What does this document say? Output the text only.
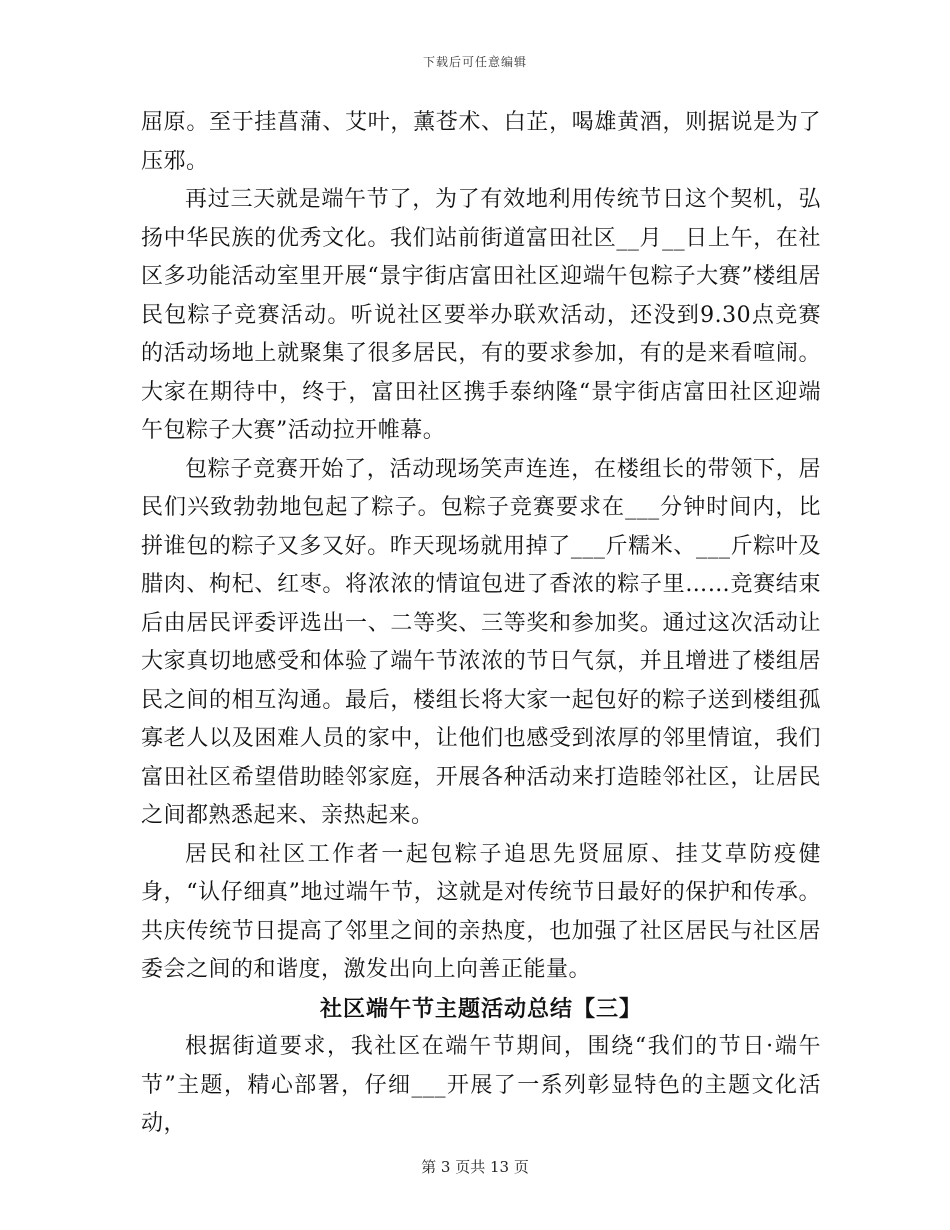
下载后可任意编辑

屈原。至于挂菖蒲、艾叶，薰苍术、白芷，喝雄黄酒，则据说是为了压邪。

再过三天就是端午节了，为了有效地利用传统节日这个契机，弘扬中华民族的优秀文化。我们站前街道富田社区__月__日上午，在社区多功能活动室里开展“景宇街店富田社区迎端午包粽子大赛”楼组居民包粽子竞赛活动。听说社区要举办联欢活动，还没到9.30点竞赛的活动场地上就聚集了很多居民，有的要求参加，有的是来看喧闹。大家在期待中，终于，富田社区携手泰纳隆“景宇街店富田社区迎端午包粽子大赛”活动拉开帷幕。

包粽子竞赛开始了，活动现场笑声连连，在楼组长的带领下，居民们兴致勃勃地包起了粽子。包粽子竞赛要求在___分钟时间内，比拼谁包的粽子又多又好。昨天现场就用掉了___斤糯米、___斤粽叶及腊肉、枸杞、红枣。将浓浓的情谊包进了香浓的粽子里……竞赛结束后由居民评委评选出一、二等奖、三等奖和参加奖。通过这次活动让大家真切地感受和体验了端午节浓浓的节日气氛，并且增进了楼组居民之间的相互沟通。最后，楼组长将大家一起包好的粽子送到楼组孤寡老人以及困难人员的家中，让他们也感受到浓厚的邻里情谊，我们富田社区希望借助睦邻家庭，开展各种活动来打造睦邻社区，让居民之间都熟悉起来、亲热起来。

居民和社区工作者一起包粽子追思先贤屈原、挂艾草防疫健身，“认仔细真”地过端午节，这就是对传统节日最好的保护和传承。共庆传统节日提高了邻里之间的亲热度，也加强了社区居民与社区居委会之间的和谐度，激发出向上向善正能量。

社区端午节主题活动总结【三】

根据街道要求，我社区在端午节期间，围绕“我们的节日·端午节”主题，精心部署，仔细___开展了一系列彰显特色的主题文化活动，

第 3 页共 13 页
